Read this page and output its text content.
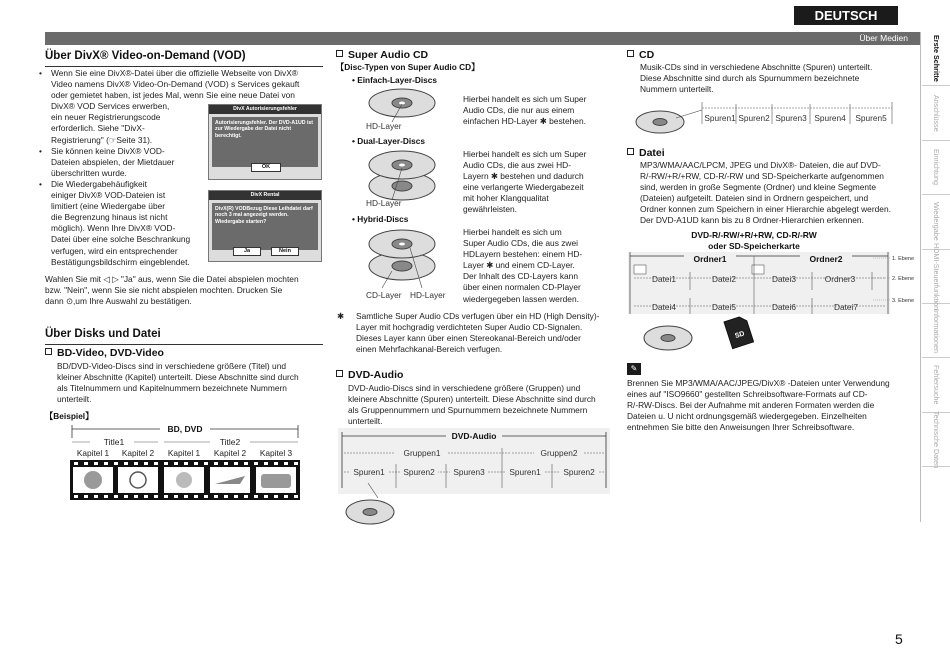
DEUTSCH
Über Medien	Erste Schritte
Anschlüsse
Einrichtung
Wiedergabe
HDMI-Steuerfunktion
Informationen
Fehlersuche
Technische Daten
Über DivX® Video-on-Demand (VOD)
• Wenn Sie eine DivX®-Datei über die offizielle Webseite von DivX®
Video namens DivX® Video-On-Demand (VOD) s Services gekauft
oder gemietet haben, ist jedes Mal, wenn Sie eine neue Datei von
DivX® VOD Services erwerben,
ein neuer Registrierungscode
erforderlich. Siehe "DivX-
Registrierung" (☞Seite 31).
• Sie können keine DivX® VOD-
Dateien abspielen, der Mietdauer
überschritten wurde.
• Die Wiedergabehäufigkeit
einiger DivX® VOD-Dateien ist
limitiert (eine Wiedergabe über
die Begrenzung hinaus ist nicht
möglich). Wenn Ihre DivX® VOD-
Datei über eine solche Beschrankung
verfugen, wird ein entsprechender
Bestätigungsbildschirm eingeblendet.
Wahlen Sie mit ◁ ▷ "Ja" aus, wenn Sie die Datei abspielen mochten
bzw. "Nein", wenn Sie sie nicht abspielen mochten. Drucken Sie
dann ⊙,um Ihre Auswahl zu bestätigen.
DivX Autorisierungsfehler
Autorisierungsfehler. Der DVD-A1UD ist zur Wiedergabe der Datei nicht berechtigt.
OK
DivX Rental
DivX(R) VODBezug Diese Leihdatei darf noch 3 mal angezeigt werden. Wiedergabe starten?
Ja	Nein
Über Disks und Datei
BD-Video, DVD-Video
BD/DVD-Video-Discs sind in verschiedene größere (Titel) und
kleiner Abschnitte (Kapitel) unterteilt. Diese Abschnitte sind durch
als Titelnummern und Kapitelnummern bezeichnete Nummern
unterteilt.
【Beispiel】
BD, DVD
Title1	Title2
Kapitel 1 Kapitel 2 Kapitel 1 Kapitel 2 Kapitel 3
Super Audio CD
【Disc-Typen von Super Audio CD】
• Einfach-Layer-Discs
HD-Layer
Hierbei handelt es sich um Super
Audio CDs, die nur aus einem
einfachen HD-Layer ✱ bestehen.
• Dual-Layer-Discs
HD-Layer
Hierbei handelt es sich um Super
Audio CDs, die aus zwei HD-
Layern ✱ bestehen und dadurch
eine verlangerte Wiedergabezeit
mit hoher Klangqualitat
gewährleisten.
• Hybrid-Discs
CD-Layer HD-Layer
Hierbei handelt es sich um
Super Audio CDs, die aus zwei
HDLayern bestehen: einem HD-
Layer ✱ und einem CD-Layer.
Der Inhalt des CD-Layers kann
über einen normalen CD-Player
wiedergegeben lassen werden.
✱ Samtliche Super Audio CDs verfugen über ein HD (High Density)-
Layer mit hochgradig verdichteten Super Audio CD-Signalen.
Dieses Layer kann über einen Stereokanal-Bereich und/oder
einen Mehrfachkanal-Bereich verfugen.
DVD-Audio
DVD-Audio-Discs sind in verschiedene größere (Gruppen) und
kleinere Abschnitte (Spuren) unterteilt. Diese Abschnitte sind durch
als Gruppennummern und Spurnummern bezeichnete Nummern
unterteilt.
DVD-Audio
Gruppen1	Gruppen2
Spuren1 Spuren2 Spuren3	Spuren1	Spuren2
CD
Musik-CDs sind in verschiedene Abschnitte (Spuren) unterteilt.
Diese Abschnitte sind durch als Spurnummern bezeichnete
Nummern unterteilt.
Spuren1 Spuren2 Spuren3 Spuren4 Spuren5
Datei
MP3/WMA/AAC/LPCM, JPEG und DivX®- Dateien, die auf DVD-
R/-RW/+R/+RW, CD-R/-RW und SD-Speicherkarte aufgenommen
sind, werden in große Segmente (Ordner) und kleine Segmente
(Dateien) aufgeteilt. Dateien sind in Ordnern gespeichert, und
Ordner konnen zum Speichern in einer Hierarchie abgelegt werden.
Der DVD-A1UD kann bis zu 8 Ordner-Hierarchien erkennen.
DVD-R/-RW/+R/+RW, CD-R/-RW
oder SD-Speicherkarte
Ordner1	Ordner2
Datei1	Datei2	Datei3	Ordner3
Datei4	Datei5	Datei6	Datei7
1. Ebene
2. Ebene
3. Ebene
SD
✎
Brennen Sie MP3/WMA/AAC/JPEG/DivX® -Dateien unter Verwendung
eines auf "ISO9660" gestellten Schreibsoftware-Formats auf CD-
R/-RW-Discs. Bei der Aufnahme mit anderen Formaten werden die
Dateien u. U nicht ordnungsgemäß wiedergegeben. Einzelheiten
entnehmen Sie bitte den Anweisungen Ihrer Schreibsoftware.
5
